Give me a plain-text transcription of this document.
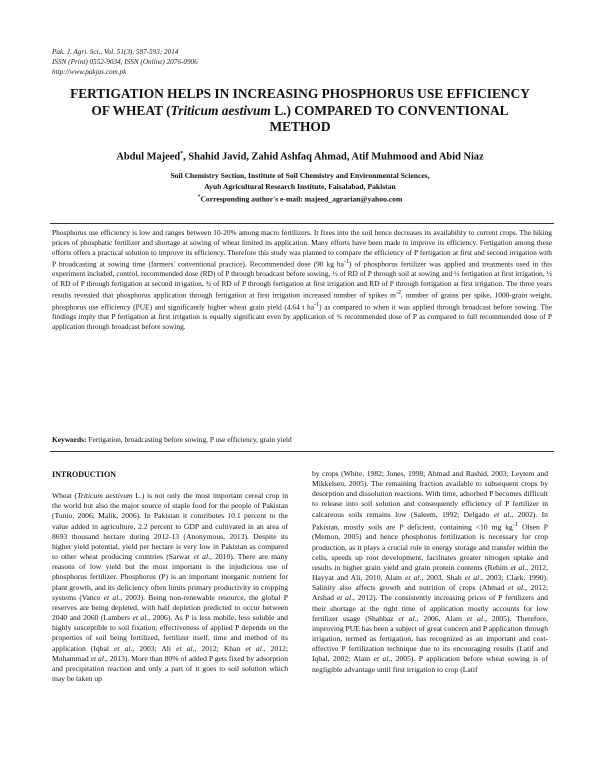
Pak. J. Agri. Sci., Vol. 51(3), 587-593; 2014
ISSN (Print) 0552-9034, ISSN (Online) 2076-0906
http://www.pakjas.com.pk
FERTIGATION HELPS IN INCREASING PHOSPHORUS USE EFFICIENCY OF WHEAT (Triticum aestivum L.) COMPARED TO CONVENTIONAL METHOD
Abdul Majeed*, Shahid Javid, Zahid Ashfaq Ahmad, Atif Muhmood and Abid Niaz
Soil Chemistry Section, Institute of Soil Chemistry and Environmental Sciences,
Ayub Agricultural Research Institute, Faisalabad, Pakistan
*Corresponding author's e-mail: majeed_agrarian@yahoo.com
Phosphorus use efficiency is low and ranges between 10-20% among macro fertilizers. It fixes into the soil hence decreases its availability to current crops. The hiking prices of phosphatic fertilizer and shortage at sowing of wheat limited its application. Many efforts have been made to improve its efficiency. Fertigation among these efforts offers a practical solution to improve its efficiency. Therefore this study was planned to compare the efficiency of P fertigation at first and second irrigation with P broadcasting at sowing time (farmers' conventional practice). Recommended dose (90 kg $ha^{-1}$) of phosphorus fertilizer was applied and treatments used in this experiment included, control, recommended dose (RD) of P through broadcast before sowing, ½ of RD of P through soil at sowing and ½ fertigation at first irrigation, ½ of RD of P through fertigation at second irrigation, ¾ of RD of P through fertigation at first irrigation and RD of P through fertigation at first irrigation. The three years results revealed that phosphorus application through fertigation at first irrigation increased number of spikes $m^{-2}$, number of grains per spike, 1000-grain weight, phosphorus use efficiency (PUE) and significantly higher wheat grain yield (4.64 t $ha^{-1}$) as compared to when it was applied through broadcast before sowing. The findings imply that P fertigation at first irrigation is equally significant even by application of ¾ recommended dose of P as compared to full recommended dose of P application through broadcast before sowing.
Keywords: Fertigation, broadcasting before sowing, P use efficiency, grain yield
INTRODUCTION

Wheat (Triticum aestivum L.) is not only the most important cereal crop in the world but also the major source of staple food for the people of Pakistan (Tunio, 2006; Malik, 2006). In Pakistan it contributes 10.1 percent to the value added in agriculture, 2.2 percent to GDP and cultivated in an area of 8693 thousand hectare during 2012-13 (Anonymous, 2013). Despite its higher yield potential, yield per hectare is very low in Pakistan as compared to other wheat producing countries (Sarwar et al., 2010). There are many reasons of low yield but the most important is the injudicious use of phosphorus fertilizer. Phosphorus (P) is an important inorganic nutrient for plant growth, and its deficiency often limits primary productivity in cropping systems (Vance et al., 2003). Being non-renewable resource, the global P reserves are being depleted, with half depletion predicted to occur between 2040 and 2060 (Lambers et al., 2006). As P is less mobile, less soluble and highly susceptible to soil fixation; effectiveness of applied P depends on the properties of soil being fertilized, fertilizer itself, time and method of its application (Iqbal et al., 2003; Ali et al., 2012; Khan et al., 2012; Muhammad et al., 2013). More than 80% of added P gets fixed by adsorption and precipitation reaction and only a part of it goes to soil solution which may be taken up

by crops (White, 1982; Jones, 1998; Ahmad and Rashid, 2003; Leytem and Mikkelsen, 2005). The remaining fraction available to subsequent crops by desorption and dissolution reactions. With time, adsorbed P becomes difficult to release into soil solution and consequently efficiency of P fertilizer in calcareous soils remains low (Saleem, 1992; Delgado et al., 2002). In Pakistan, mostly soils are P deficient, containing <10 mg $kg^{-1}$ Olsen P (Memon, 2005) and hence phosphorus fertilization is necessary for crop production, as it plays a crucial role in energy storage and transfer within the cells, speeds up root development, facilitates greater nitrogen uptake and results in higher grain yield and grain protein contents (Rehim et al., 2012, Hayyat and Ali, 2010, Alam et al., 2003, Shah et al., 2003; Clark, 1990). Salinity also affects growth and nutrition of crops (Ahmad et al., 2012; Arshad et al., 2012). The consistently increasing prices of P fertilizers and their shortage at the right time of application mostly accounts for low fertilizer usage (Shahbaz et al., 2006, Alam et al., 2005). Therefore, improving PUE has been a subject of great concern and P application through irrigation, termed as fertigation, has recognized as an important and cost-effective P fertilization technique due to its encouraging results (Latif and Iqbal, 2002; Alam et al., 2005). P application before wheat sowing is of negligible advantage until first irrigation to crop (Latif
